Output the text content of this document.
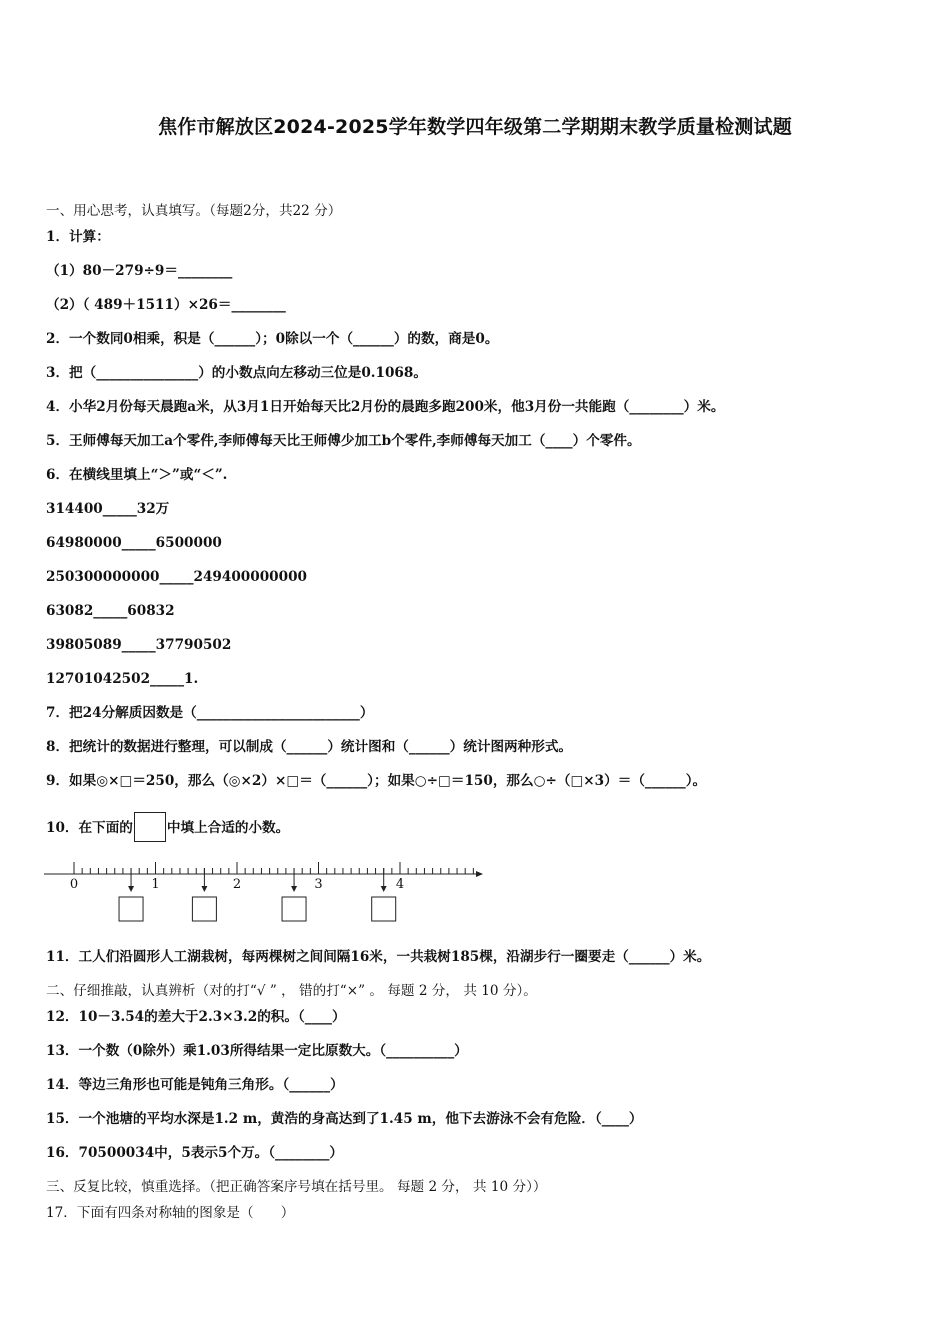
焦作市解放区2024-2025学年数学四年级第二学期期末教学质量检测试题
一、用心思考，认真填写。（每题2分，共22 分）
1．计算：
（1）80－279÷9＝________
（2）（ 489＋1511）×26＝________
2．一个数同0相乘，积是（______）；0除以一个（______）的数，商是0。
3．把（_______________）的小数点向左移动三位是0.1068。
4．小华2月份每天晨跑a米，从3月1日开始每天比2月份的晨跑多跑200米，他3月份一共能跑（________）米。
5．王师傅每天加工a个零件,李师傅每天比王师傅少加工b个零件,李师傅每天加工（____）个零件。
6．在横线里填上“＞”或“＜”.
314400_____32万
64980000_____6500000
250300000000_____249400000000
63082_____60832
39805089_____37790502
12701042502_____1.
7．把24分解质因数是（________________________）
8．把统计的数据进行整理，可以制成（______）统计图和（______）统计图两种形式。
9．如果◎×□＝250，那么（◎×2）×□＝（______）；如果○÷□＝150，那么○÷（□×3）＝（______）。
10．在下面的	中填上合适的小数。
0	1	2	3	4
11．工人们沿圆形人工湖栽树，每两棵树之间间隔16米，一共栽树185棵，沿湖步行一圈要走（______）米。
二、仔细推敲，认真辨析（对的打“√ ” ， 错的打“×” 。 每题 2 分， 共 10 分）。
12．10－3.54的差大于2.3×3.2的积。（____）
13．一个数（0除外）乘1.03所得结果一定比原数大。（__________）
14．等边三角形也可能是钝角三角形。（______）
15．一个池塘的平均水深是1.2 m，黄浩的身高达到了1.45 m，他下去游泳不会有危险．（____）
16．70500034中，5表示5个万。（________）
三、反复比较，慎重选择。（把正确答案序号填在括号里。 每题 2 分， 共 10 分））
17．下面有四条对称轴的图象是（　　）
